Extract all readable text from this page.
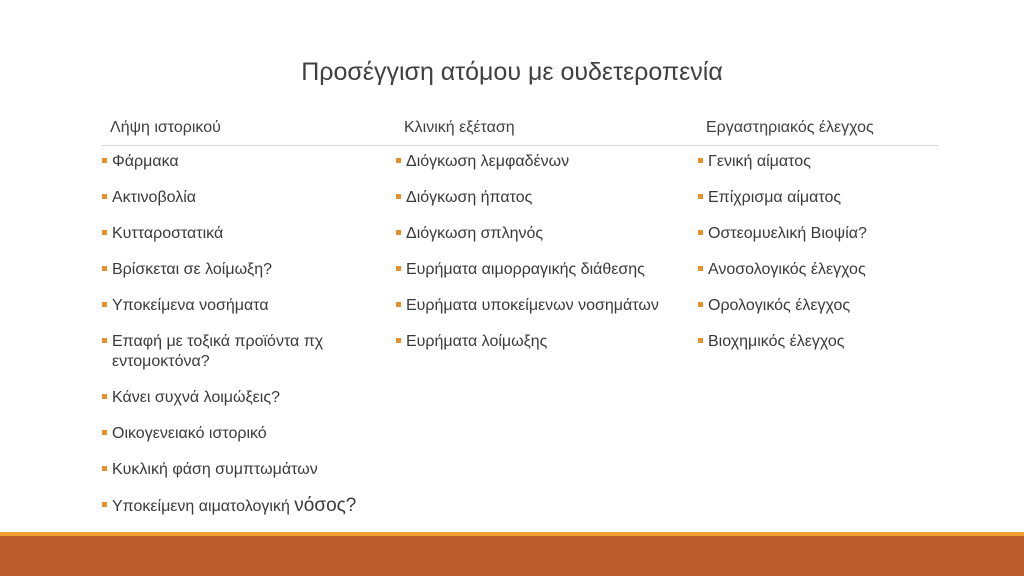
Προσέγγιση ατόμου με ουδετεροπενία
Λήψη ιστορικού
Φάρμακα
Ακτινοβολία
Κυτταροστατικά
Βρίσκεται σε λοίμωξη?
Υποκείμενα νοσήματα
Επαφή με τοξικά προϊόντα πχ εντομοκτόνα?
Κάνει συχνά λοιμώξεις?
Οικογενειακό ιστορικό
Κυκλική φάση συμπτωμάτων
Υποκείμενη αιματολογική νόσος?
Κλινική εξέταση
Διόγκωση λεμφαδένων
Διόγκωση ήπατος
Διόγκωση σπληνός
Ευρήματα αιμορραγικής διάθεσης
Ευρήματα υποκείμενων νοσημάτων
Ευρήματα λοίμωξης
Εργαστηριακός έλεγχος
Γενική αίματος
Επίχρισμα αίματος
Οστεομυελική Βιοψία?
Ανοσολογικός έλεγχος
Ορολογικός έλεγχος
Βιοχημικός έλεγχος
